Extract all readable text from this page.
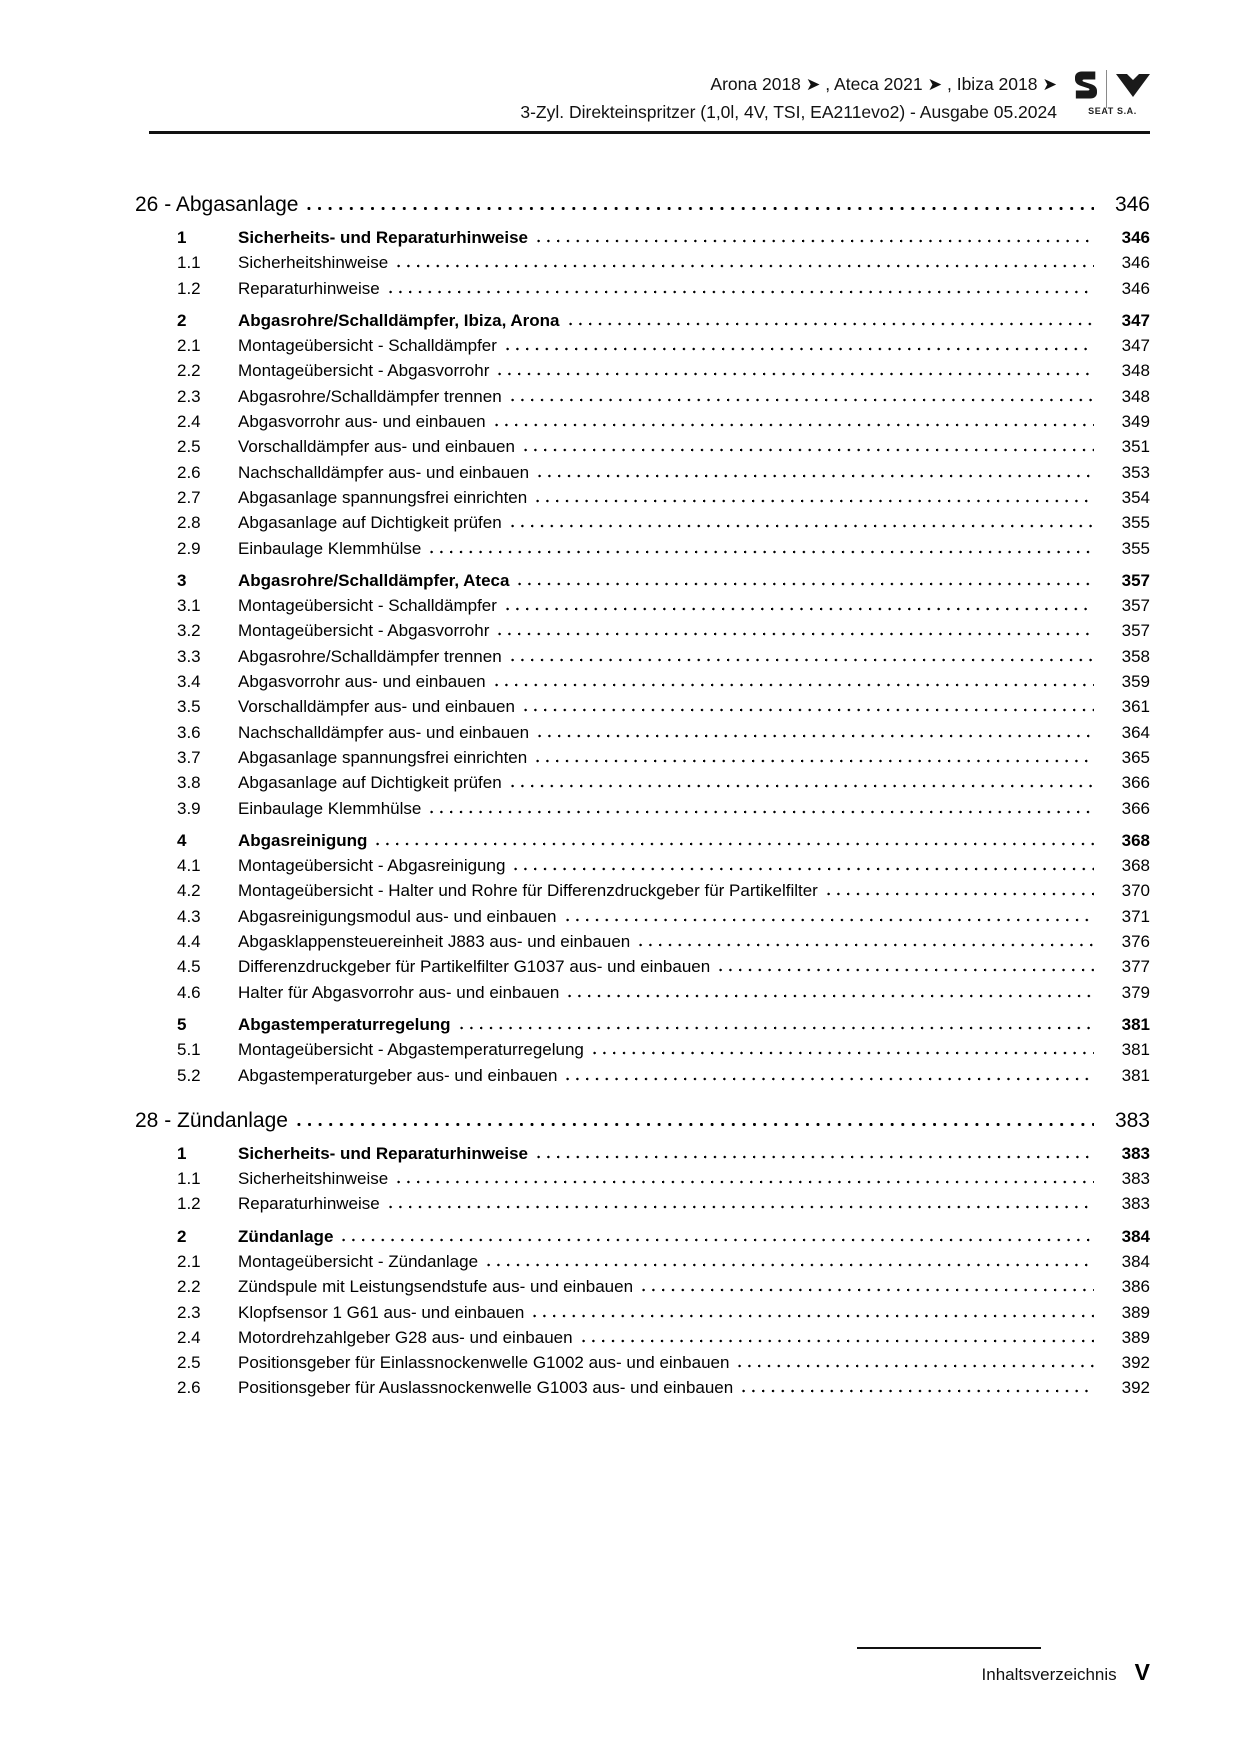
Arona 2018 ➤ , Ateca 2021 ➤ , Ibiza 2018 ➤
3-Zyl. Direkteinspritzer (1,0l, 4V, TSI, EA211evo2) - Ausgabe 05.2024	SEAT S.A.
26 - Abgasanlage	346
1	Sicherheits- und Reparaturhinweise	346
1.1	Sicherheitshinweise	346
1.2	Reparaturhinweise	346
2	Abgasrohre/Schalldämpfer, Ibiza, Arona	347
2.1	Montageübersicht - Schalldämpfer	347
2.2	Montageübersicht - Abgasvorrohr	348
2.3	Abgasrohre/Schalldämpfer trennen	348
2.4	Abgasvorrohr aus- und einbauen	349
2.5	Vorschalldämpfer aus- und einbauen	351
2.6	Nachschalldämpfer aus- und einbauen	353
2.7	Abgasanlage spannungsfrei einrichten	354
2.8	Abgasanlage auf Dichtigkeit prüfen	355
2.9	Einbaulage Klemmhülse	355
3	Abgasrohre/Schalldämpfer, Ateca	357
3.1	Montageübersicht - Schalldämpfer	357
3.2	Montageübersicht - Abgasvorrohr	357
3.3	Abgasrohre/Schalldämpfer trennen	358
3.4	Abgasvorrohr aus- und einbauen	359
3.5	Vorschalldämpfer aus- und einbauen	361
3.6	Nachschalldämpfer aus- und einbauen	364
3.7	Abgasanlage spannungsfrei einrichten	365
3.8	Abgasanlage auf Dichtigkeit prüfen	366
3.9	Einbaulage Klemmhülse	366
4	Abgasreinigung	368
4.1	Montageübersicht - Abgasreinigung	368
4.2	Montageübersicht - Halter und Rohre für Differenzdruckgeber für Partikelfilter	370
4.3	Abgasreinigungsmodul aus- und einbauen	371
4.4	Abgasklappensteuereinheit J883 aus- und einbauen	376
4.5	Differenzdruckgeber für Partikelfilter G1037 aus- und einbauen	377
4.6	Halter für Abgasvorrohr aus- und einbauen	379
5	Abgastemperaturregelung	381
5.1	Montageübersicht - Abgastemperaturregelung	381
5.2	Abgastemperaturgeber aus- und einbauen	381
28 - Zündanlage	383
1	Sicherheits- und Reparaturhinweise	383
1.1	Sicherheitshinweise	383
1.2	Reparaturhinweise	383
2	Zündanlage	384
2.1	Montageübersicht - Zündanlage	384
2.2	Zündspule mit Leistungsendstufe aus- und einbauen	386
2.3	Klopfsensor 1 G61 aus- und einbauen	389
2.4	Motordrehzahlgeber G28 aus- und einbauen	389
2.5	Positionsgeber für Einlassnockenwelle G1002 aus- und einbauen	392
2.6	Positionsgeber für Auslassnockenwelle G1003 aus- und einbauen	392
Inhaltsverzeichnis V
